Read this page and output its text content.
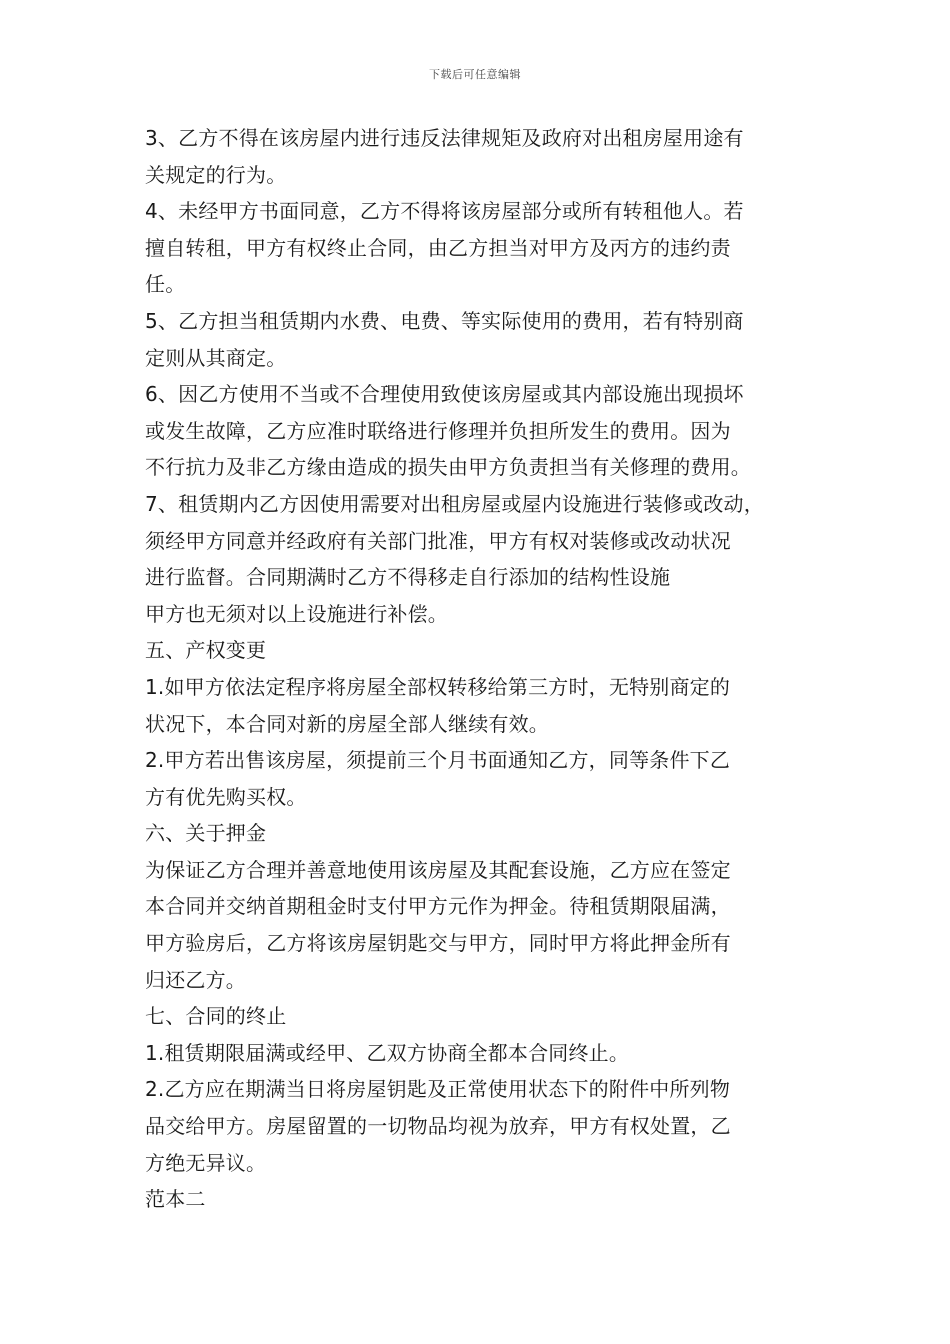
下载后可任意编辑
3、乙方不得在该房屋内进行违反法律规矩及政府对出租房屋用途有
关规定的行为。
4、未经甲方书面同意，乙方不得将该房屋部分或所有转租他人。若
擅自转租，甲方有权终止合同，由乙方担当对甲方及丙方的违约责
任。
5、乙方担当租赁期内水费、电费、等实际使用的费用，若有特别商
定则从其商定。
6、因乙方使用不当或不合理使用致使该房屋或其内部设施出现损坏
或发生故障，乙方应准时联络进行修理并负担所发生的费用。因为
不行抗力及非乙方缘由造成的损失由甲方负责担当有关修理的费用。
7、租赁期内乙方因使用需要对出租房屋或屋内设施进行装修或改动，
须经甲方同意并经政府有关部门批准，甲方有权对装修或改动状况
进行监督。合同期满时乙方不得移走自行添加的结构性设施
甲方也无须对以上设施进行补偿。
五、产权变更
1.如甲方依法定程序将房屋全部权转移给第三方时，无特别商定的
状况下，本合同对新的房屋全部人继续有效。
2.甲方若出售该房屋，须提前三个月书面通知乙方，同等条件下乙
方有优先购买权。
六、关于押金
为保证乙方合理并善意地使用该房屋及其配套设施，乙方应在签定
本合同并交纳首期租金时支付甲方元作为押金。待租赁期限届满，
甲方验房后，乙方将该房屋钥匙交与甲方，同时甲方将此押金所有
归还乙方。
七、合同的终止
1.租赁期限届满或经甲、乙双方协商全都本合同终止。
2.乙方应在期满当日将房屋钥匙及正常使用状态下的附件中所列物
品交给甲方。房屋留置的一切物品均视为放弃，甲方有权处置，乙
方绝无异议。
范本二
